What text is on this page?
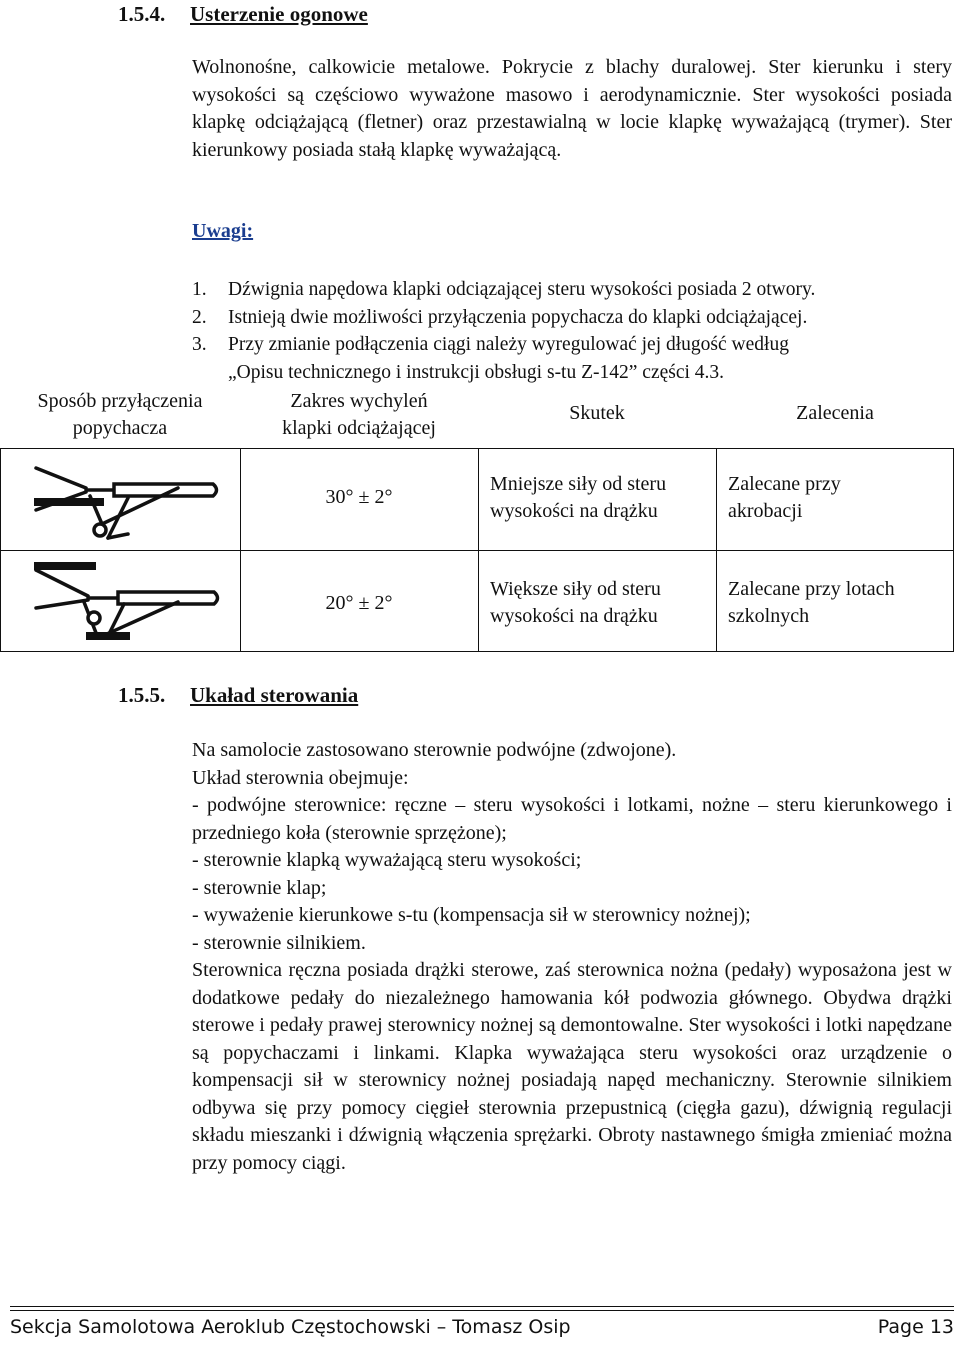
1.5.4. Usterzenie ogonowe

Wolnonośne, calkowicie metalowe. Pokrycie z blachy duralowej. Ster kierunku i stery wysokości są częściowo wyważone masowo i aerodynamicznie. Ster wysokości posiada klapkę odciążającą (fletner) oraz przestawialną w locie klapkę wyważającą (trymer). Ster kierunkowy posiada stałą klapkę wyważającą.

Uwagi:
1. Dźwignia napędowa klapki odciązającej steru wysokości posiada 2 otwory.
2. Istnieją dwie możliwości przyłączenia popychacza do klapki odciążającej.
3. Przy zmianie podłączenia ciągi należy wyregulować jej długość według
„Opisu technicznego i instrukcji obsługi s-tu Z-142” części 4.3.
Sposób przyłączenia
popychacza
Zakres wychyleń
klapki odciążającej
Skutek	Zalecenia
30° ± 2°
Mniejsze siły od steru
wysokości na drążku
Zalecane przy
akrobacji
20° ± 2°
Większe siły od steru
wysokości na drążku
Zalecane przy lotach
szkolnych
1.5.5. Ukaład sterowania

Na samolocie zastosowano sterownie podwójne (zdwojone).

Układ sterownia obejmuje:

- podwójne sterownice: ręczne – steru wysokości i lotkami, nożne – steru kierunkowego i przedniego koła (sterownie sprzężone);

- sterownie klapką wyważającą steru wysokości;

- sterownie klap;

- wyważenie kierunkowe s-tu (kompensacja sił w sterownicy nożnej);

- sterownie silnikiem.

Sterownica ręczna posiada drążki sterowe, zaś sterownica nożna (pedały) wyposażona jest w dodatkowe pedały do niezależnego hamowania kół podwozia głównego. Obydwa drążki sterowe i pedały prawej sterownicy nożnej są demontowalne. Ster wysokości i lotki napędzane są popychaczami i linkami. Klapka wyważająca steru wysokości oraz urządzenie o kompensacji sił w sterownicy nożnej posiadają napęd mechaniczny. Sterownie silnikiem odbywa się przy pomocy cięgieł sterownia przepustnicą (cięgła gazu), dźwignią regulacji składu mieszanki i dźwignią włączenia sprężarki. Obroty nastawnego śmigła zmieniać można przy pomocy ciągi.

Sekcja Samolotowa Aeroklub Częstochowski – Tomasz Osip	Page 13
